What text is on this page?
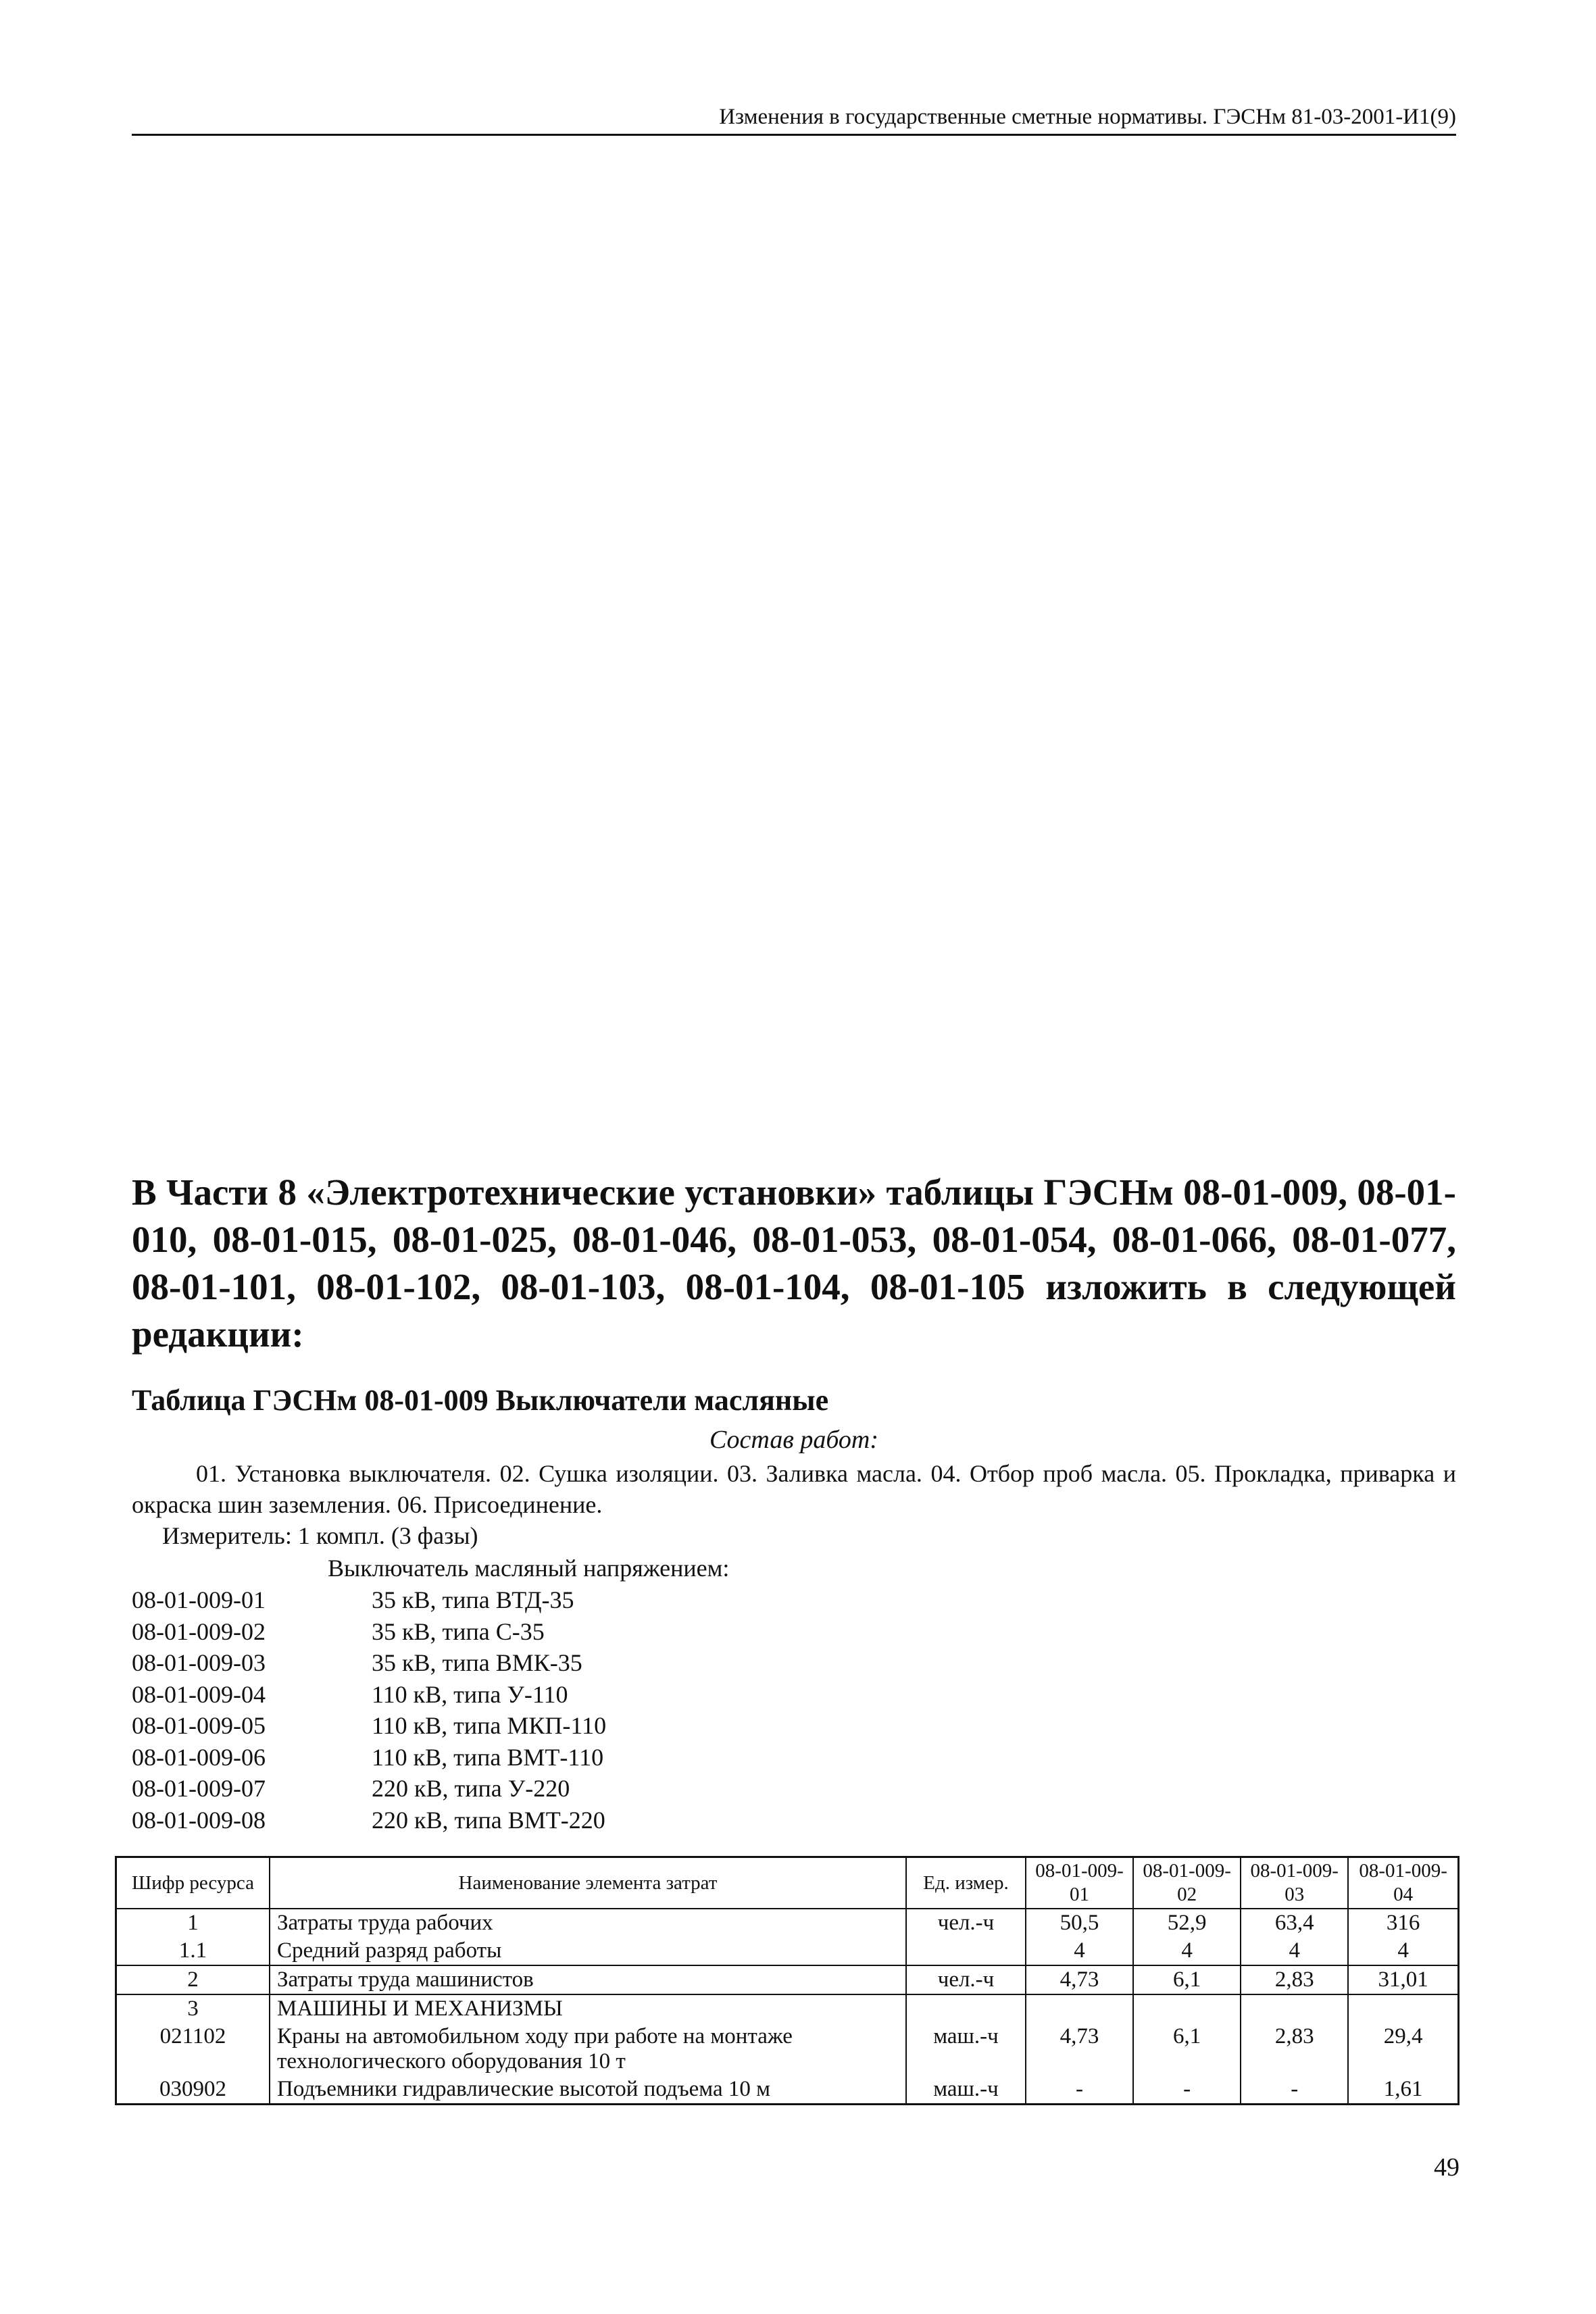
Изменения в государственные сметные нормативы. ГЭСНм 81-03-2001-И1(9)
В Части 8 «Электротехнические установки» таблицы ГЭСНм 08-01-009, 08-01-010, 08-01-015, 08-01-025, 08-01-046, 08-01-053, 08-01-054, 08-01-066, 08-01-077, 08-01-101, 08-01-102, 08-01-103, 08-01-104, 08-01-105 изложить в следующей редакции:
Таблица ГЭСНм 08-01-009 Выключатели масляные
Состав работ:
01. Установка выключателя. 02. Сушка изоляции. 03. Заливка масла. 04. Отбор проб масла. 05. Прокладка, приварка и окраска шин заземления. 06. Присоединение.
Измеритель: 1 компл. (3 фазы)
Выключатель масляный напряжением:
08-01-009-01	35 кВ, типа ВТД-35
08-01-009-02	35 кВ, типа С-35
08-01-009-03	35 кВ, типа ВМК-35
08-01-009-04	110 кВ, типа У-110
08-01-009-05	110 кВ, типа МКП-110
08-01-009-06	110 кВ, типа ВМТ-110
08-01-009-07	220 кВ, типа У-220
08-01-009-08	220 кВ, типа ВМТ-220
Шифр ресурса	Наименование элемента затрат	Ед. измер.	08-01-009-01	08-01-009-02	08-01-009-03	08-01-009-04
1	Затраты труда рабочих	чел.-ч	50,5	52,9	63,4	316
1.1	Средний разряд работы		4	4	4	4
2	Затраты труда машинистов	чел.-ч	4,73	6,1	2,83	31,01
3	МАШИНЫ И МЕХАНИЗМЫ					
021102	Краны на автомобильном ходу при работе на монтаже технологического оборудования 10 т	маш.-ч	4,73	6,1	2,83	29,4
030902	Подъемники гидравлические высотой подъема 10 м	маш.-ч	-	-	-	1,61
49
